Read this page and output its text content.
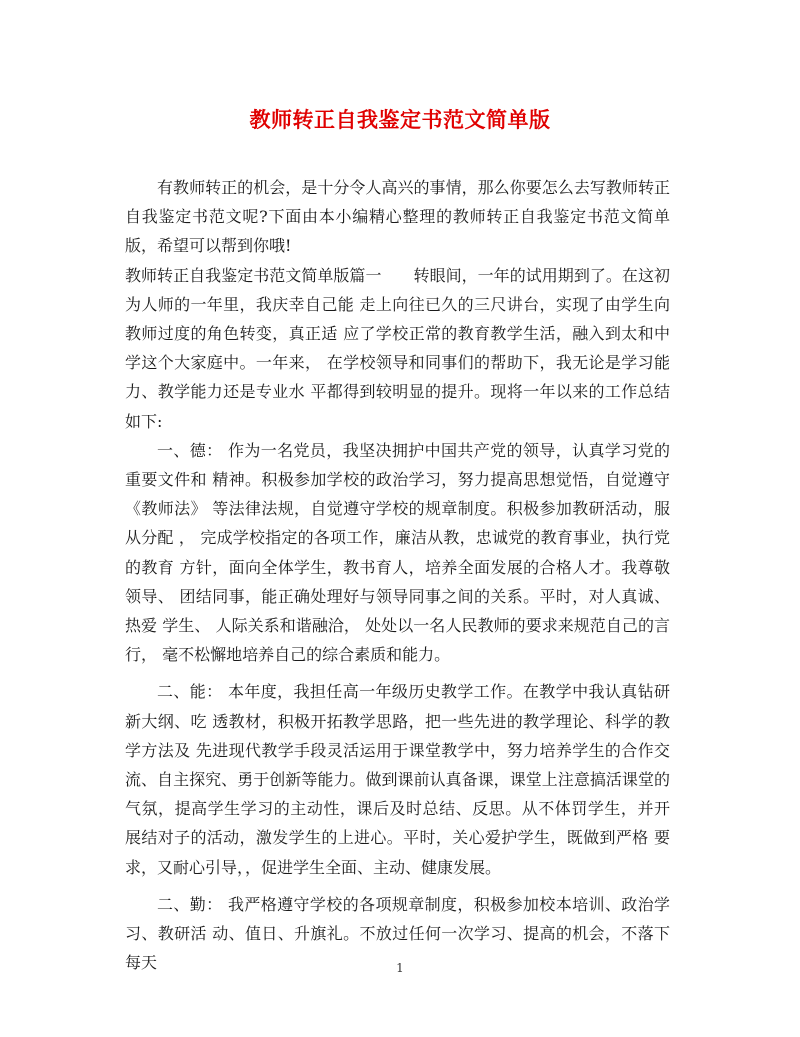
教师转正自我鉴定书范文简单版

有教师转正的机会，是十分令人高兴的事情，那么你要怎么去写教师转正自我鉴定书范文呢?下面由本小编精心整理的教师转正自我鉴定书范文简单版，希望可以帮到你哦!

教师转正自我鉴定书范文简单版篇一　　转眼间，一年的试用期到了。在这初为人师的一年里，我庆幸自己能 走上向往已久的三尺讲台，实现了由学生向教师过度的角色转变，真正适 应了学校正常的教育教学生活，融入到太和中学这个大家庭中。一年来， 在学校领导和同事们的帮助下，我无论是学习能力、教学能力还是专业水 平都得到较明显的提升。现将一年以来的工作总结如下:

一、德： 作为一名党员，我坚决拥护中国共产党的领导，认真学习党的重要文件和 精神。积极参加学校的政治学习，努力提高思想觉悟，自觉遵守《教师法》 等法律法规，自觉遵守学校的规章制度。积极参加教研活动，服从分配 ， 完成学校指定的各项工作，廉洁从教，忠诚党的教育事业，执行党的教育 方针，面向全体学生，教书育人，培养全面发展的合格人才。我尊敬领导、 团结同事，能正确处理好与领导同事之间的关系。平时，对人真诚、热爱 学生、 人际关系和谐融洽， 处处以一名人民教师的要求来规范自己的言行， 毫不松懈地培养自己的综合素质和能力。

二、能： 本年度，我担任高一年级历史教学工作。在教学中我认真钻研新大纲、吃 透教材，积极开拓教学思路，把一些先进的教学理论、科学的教学方法及 先进现代教学手段灵活运用于课堂教学中，努力培养学生的合作交流、自主探究、勇于创新等能力。做到课前认真备课，课堂上注意搞活课堂的气氛，提高学生学习的主动性，课后及时总结、反思。从不体罚学生，并开 展结对子的活动，激发学生的上进心。平时，关心爱护学生，既做到严格 要求，又耐心引导，，促进学生全面、主动、健康发展。

二、勤： 我严格遵守学校的各项规章制度，积极参加校本培训、政治学习、教研活 动、值日、升旗礼。不放过任何一次学习、提高的机会，不落下每天	1
